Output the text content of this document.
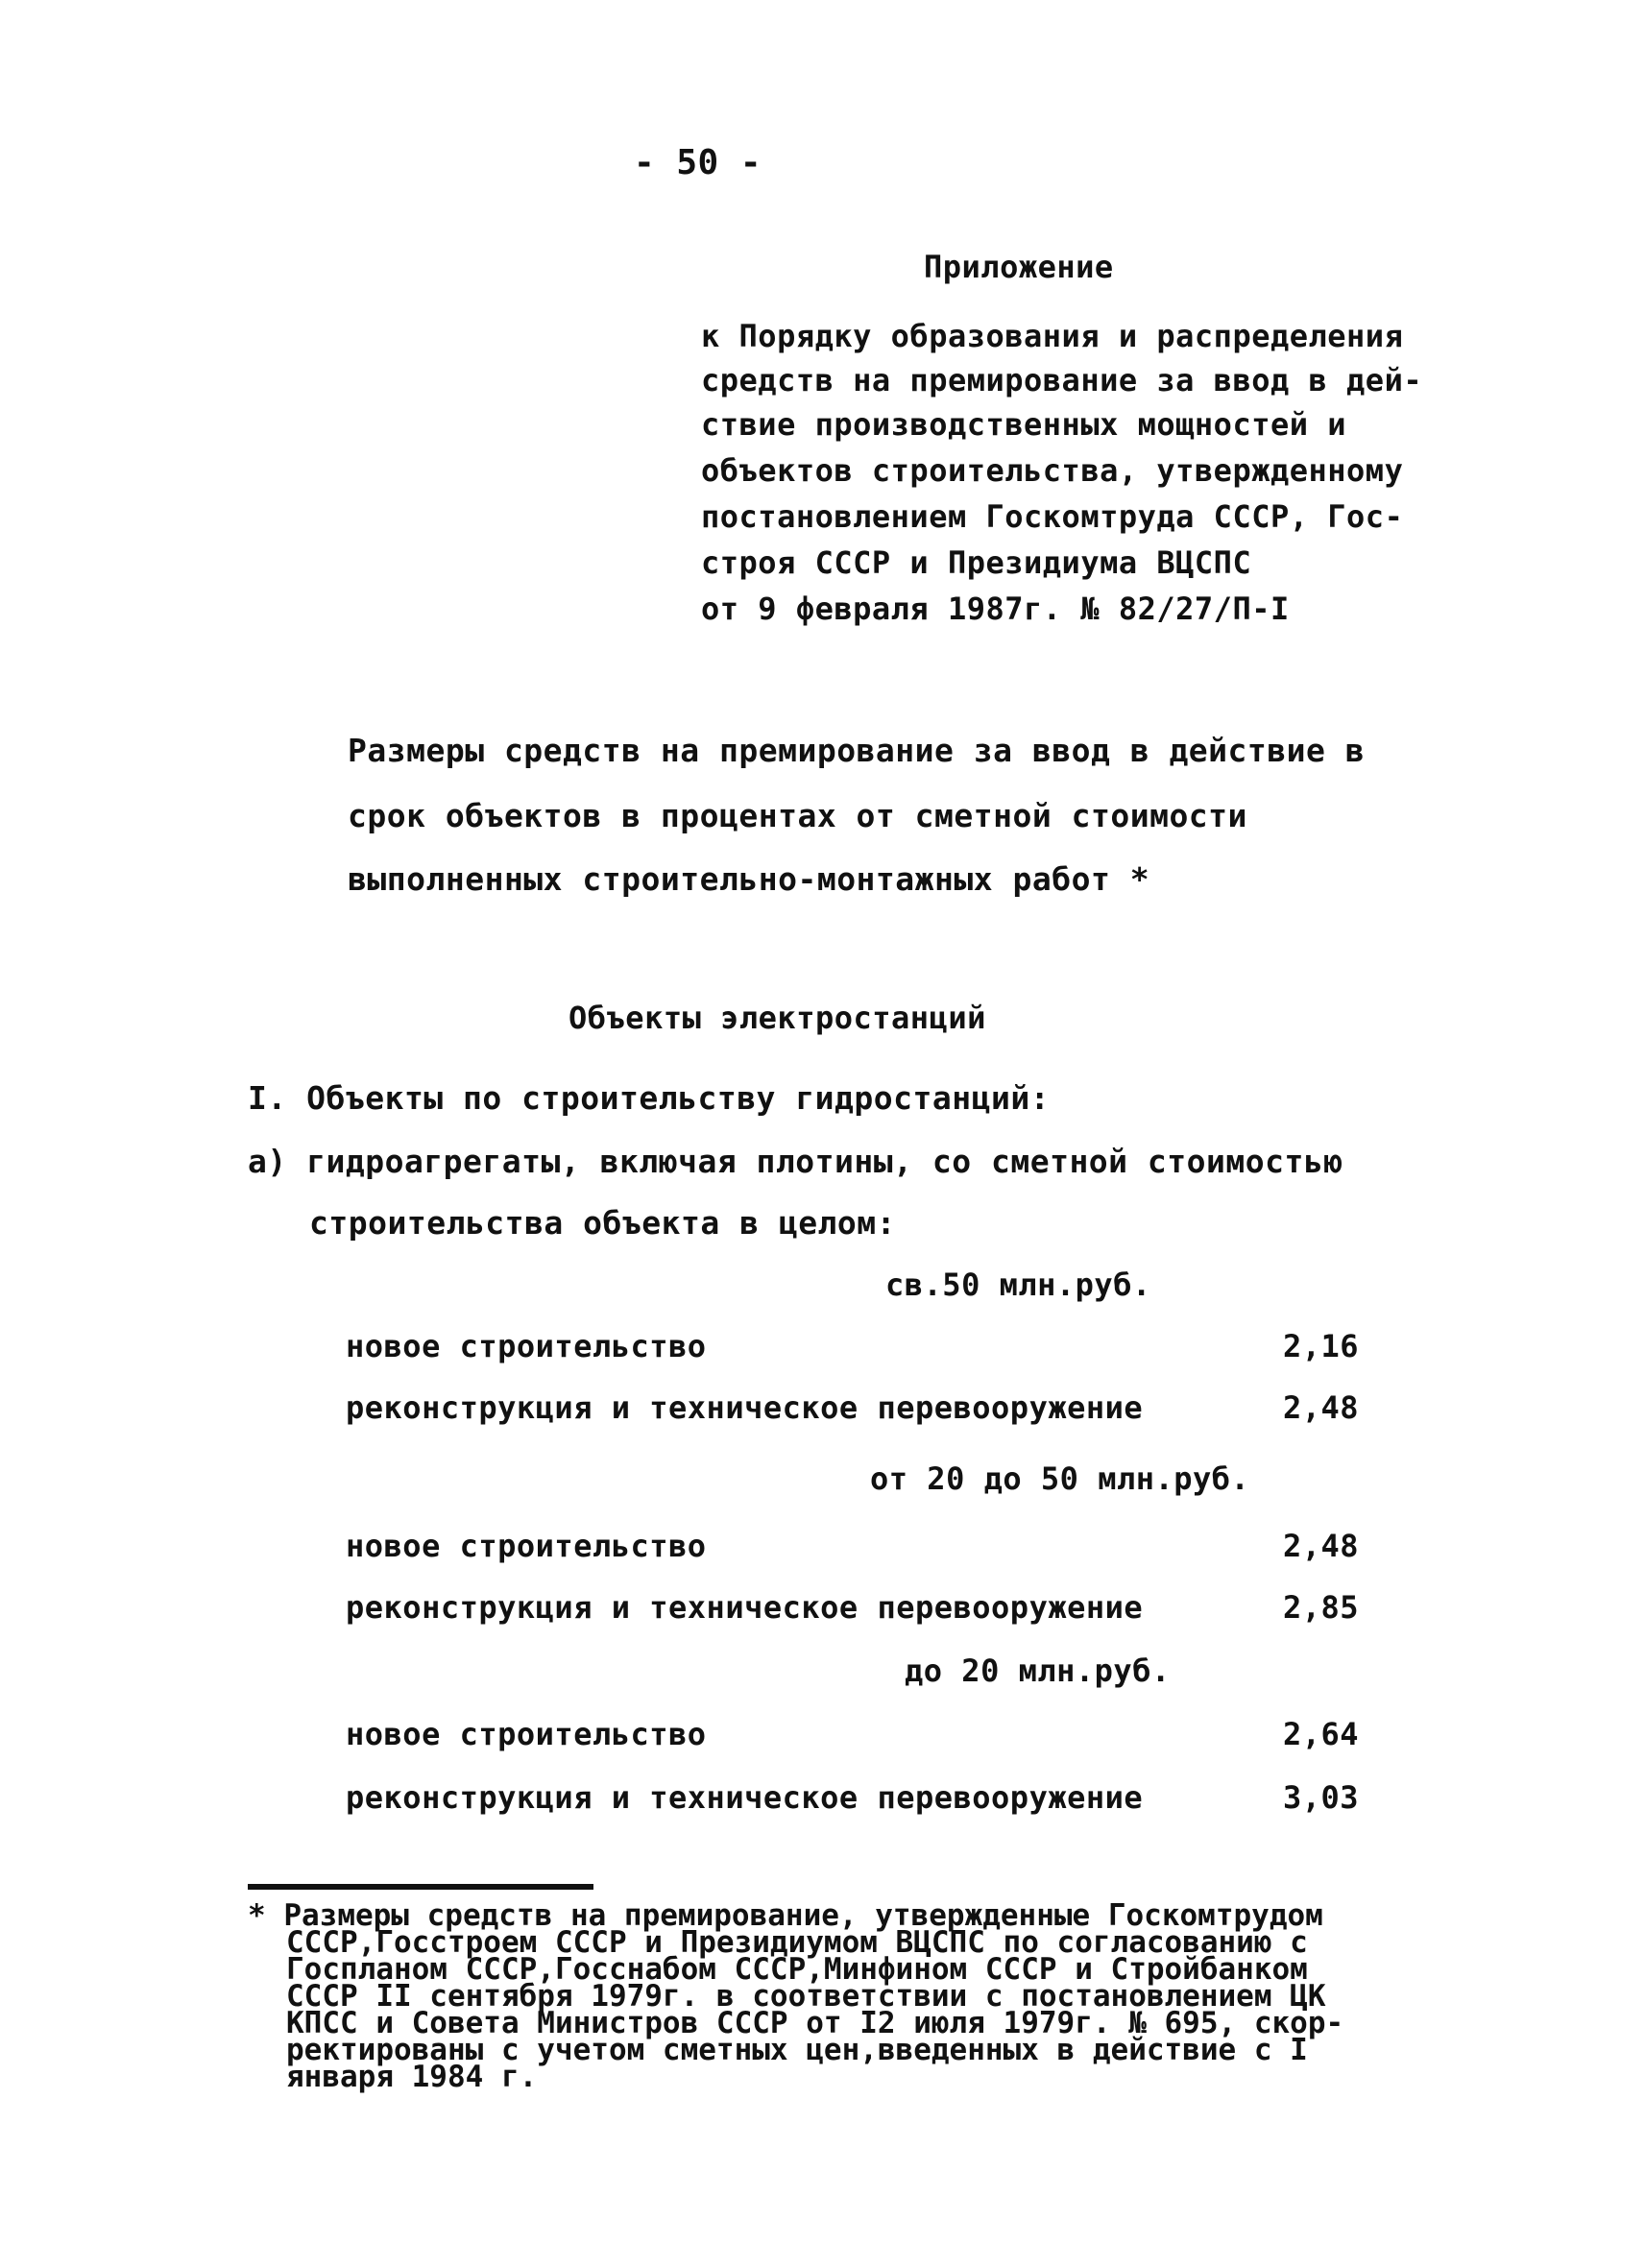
- 50 -
Приложение
к Порядку образования и распределения
средств на премирование за ввод в дей-
ствие производственных мощностей и
объектов строительства, утвержденному
постановлением Госкомтруда СССР, Гос-
строя СССР и Президиума ВЦСПС
от 9 февраля 1987г. № 82/27/П-I
Размеры средств на премирование за ввод в действие в
срок объектов в процентах от сметной стоимости
выполненных строительно-монтажных работ *
Объекты электростанций
I. Объекты по строительству гидростанций:
а) гидроагрегаты, включая плотины, со сметной стоимостью
строительства объекта в целом:
св.50 млн.руб.
новое строительство	2,16
реконструкция и техническое перевооружение	2,48
от 20 до 50 млн.руб.
новое строительство	2,48
реконструкция и техническое перевооружение	2,85
до 20 млн.руб.
новое строительство	2,64
реконструкция и техническое перевооружение	3,03
* Размеры средств на премирование, утвержденные Госкомтрудом
СССР,Госстроем СССР и Президиумом ВЦСПС по согласованию с
Госпланом СССР,Госснабом СССР,Минфином СССР и Стройбанком
СССР II сентября 1979г. в соответствии с постановлением ЦК
КПСС и Совета Министров СССР от I2 июля 1979г. № 695, скор-
ректированы с учетом сметных цен,введенных в действие с I
января 1984 г.
